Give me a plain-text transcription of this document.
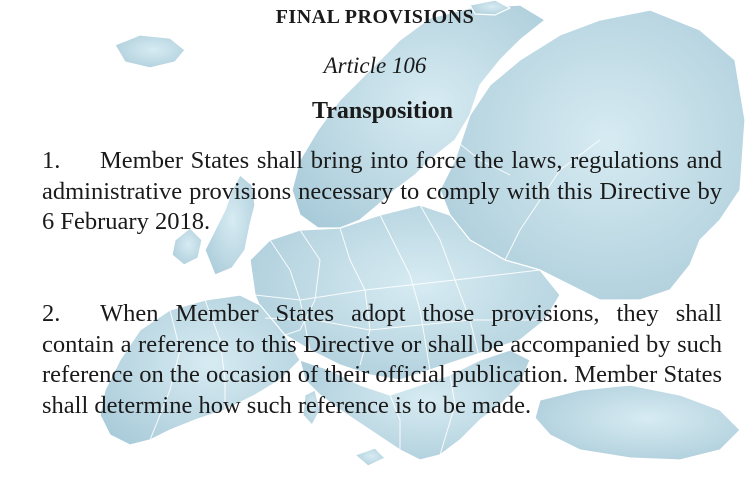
FINAL PROVISIONS
Article 106
Transposition
1. Member States shall bring into force the laws, regulations and administrative provisions necessary to comply with this Directive by 6 February 2018.
2. When Member States adopt those provisions, they shall contain a reference to this Directive or shall be accompanied by such reference on the occasion of their official publication. Member States shall determine how such reference is to be made.
